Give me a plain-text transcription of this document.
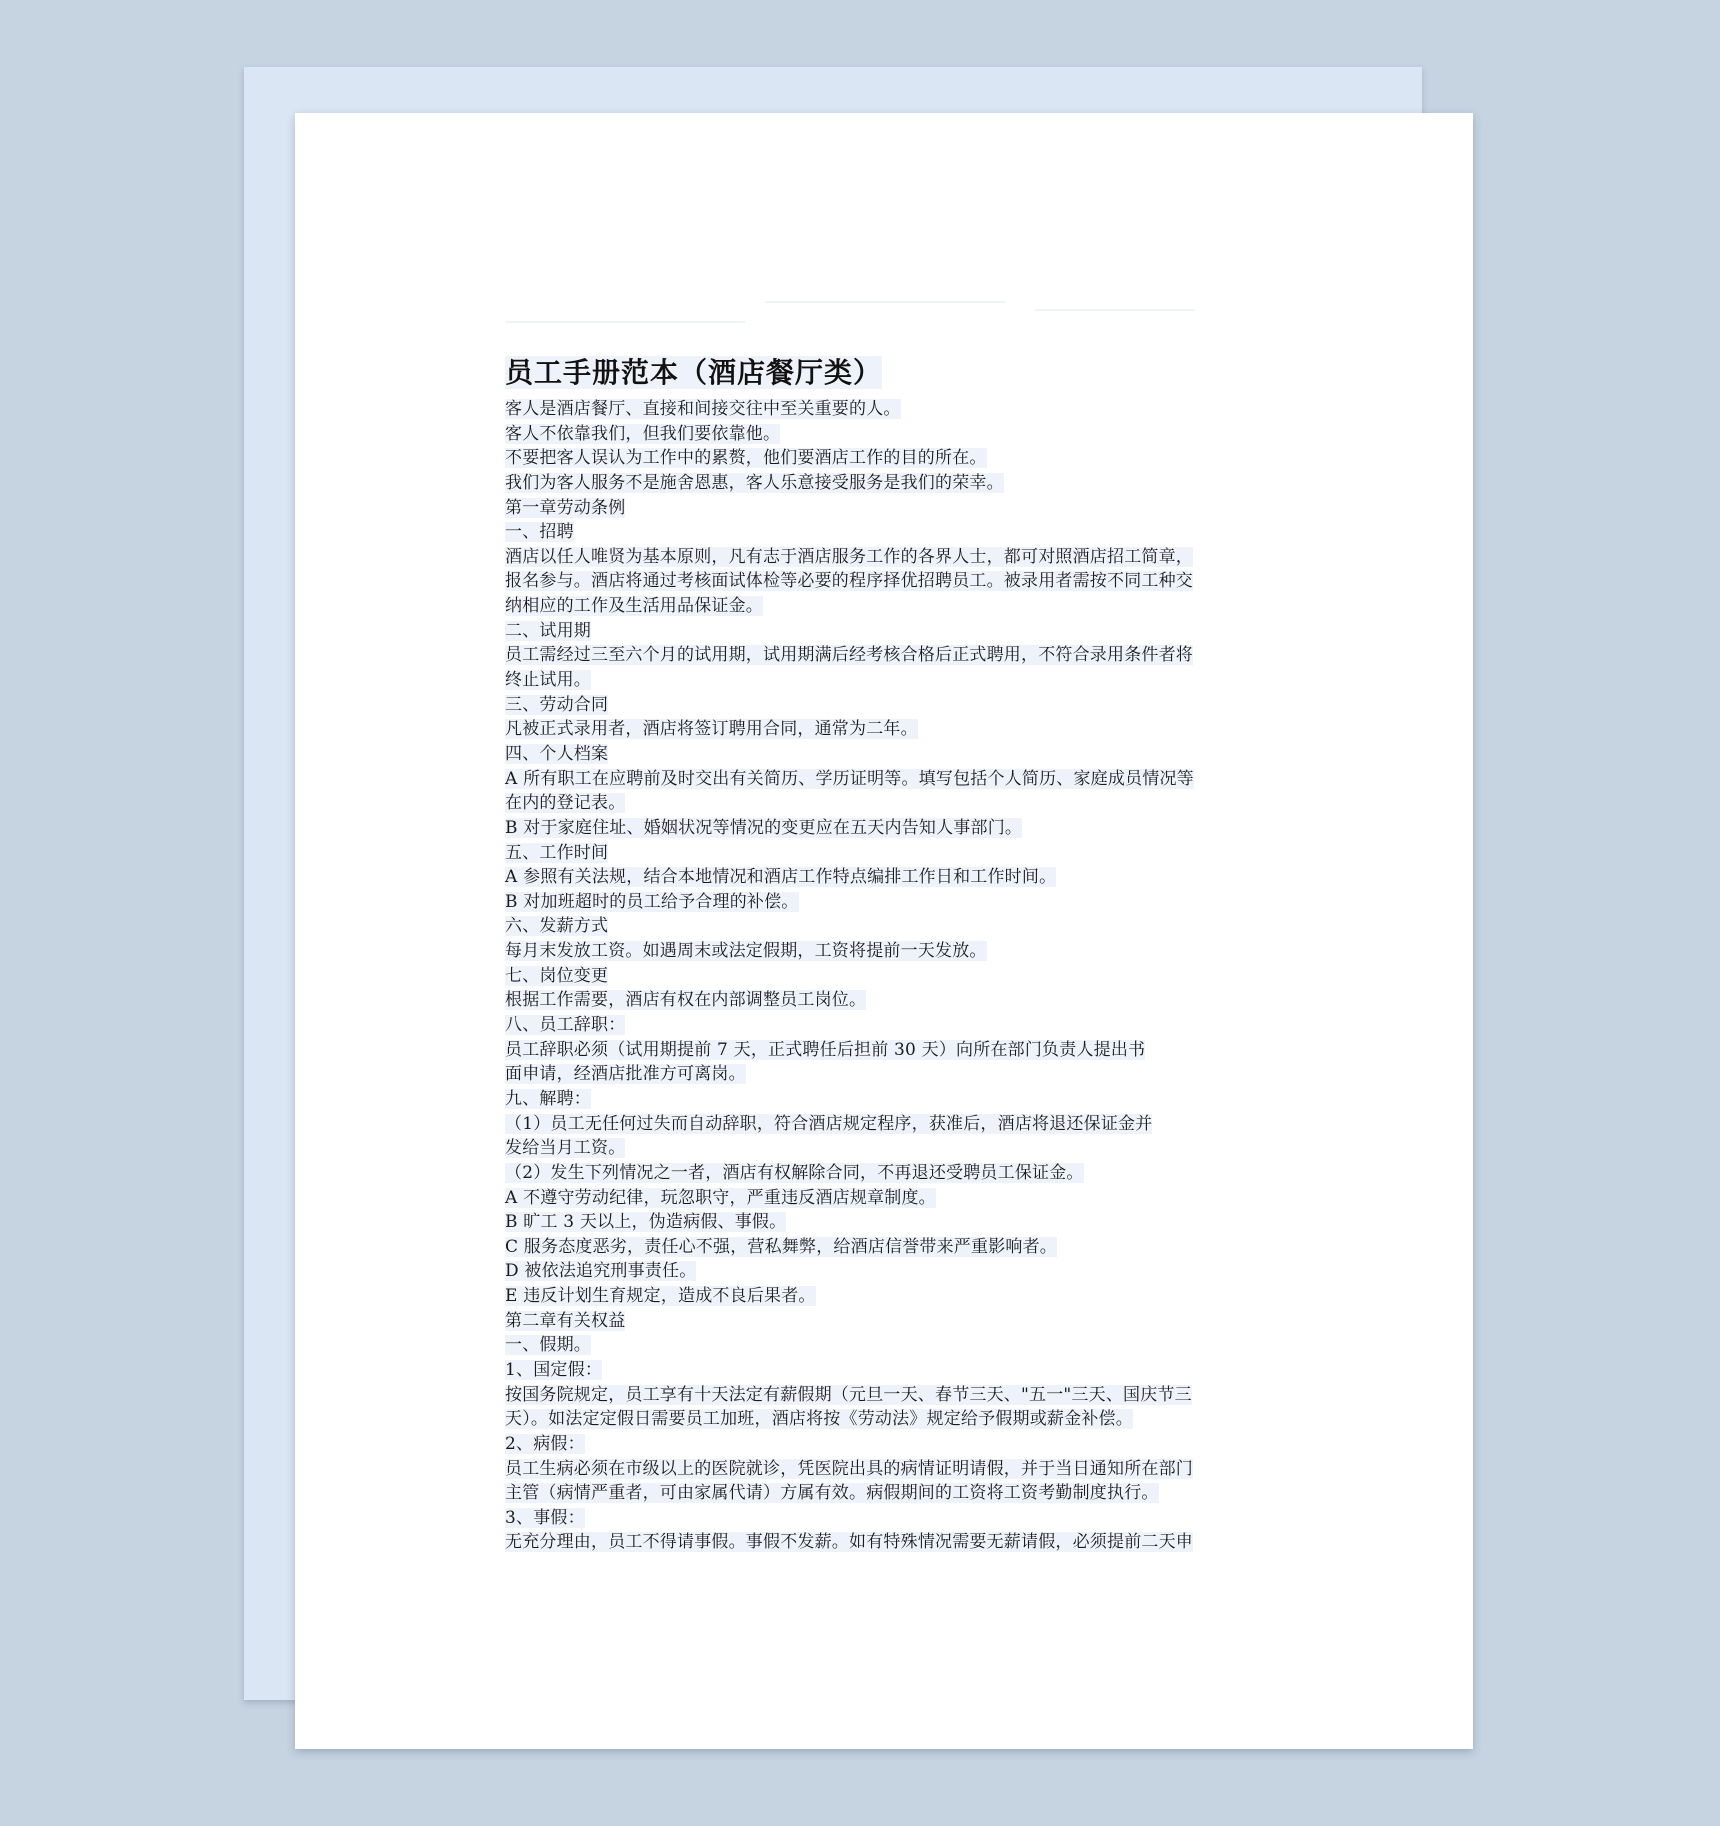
员工手册范本（酒店餐厅类）
客人是酒店餐厅、直接和间接交往中至关重要的人。
客人不依靠我们，但我们要依靠他。
不要把客人误认为工作中的累赘，他们要酒店工作的目的所在。
我们为客人服务不是施舍恩惠，客人乐意接受服务是我们的荣幸。
第一章劳动条例
一、招聘
酒店以任人唯贤为基本原则，凡有志于酒店服务工作的各界人士，都可对照酒店招工简章，
报名参与。酒店将通过考核面试体检等必要的程序择优招聘员工。被录用者需按不同工种交
纳相应的工作及生活用品保证金。
二、试用期
员工需经过三至六个月的试用期，试用期满后经考核合格后正式聘用，不符合录用条件者将
终止试用。
三、劳动合同
凡被正式录用者，酒店将签订聘用合同，通常为二年。
四、个人档案
A 所有职工在应聘前及时交出有关简历、学历证明等。填写包括个人简历、家庭成员情况等
在内的登记表。
B 对于家庭住址、婚姻状况等情况的变更应在五天内告知人事部门。
五、工作时间
A 参照有关法规，结合本地情况和酒店工作特点编排工作日和工作时间。
B 对加班超时的员工给予合理的补偿。
六、发薪方式
每月末发放工资。如遇周末或法定假期，工资将提前一天发放。
七、岗位变更
根据工作需要，酒店有权在内部调整员工岗位。
八、员工辞职：
员工辞职必须（试用期提前 7 天，正式聘任后担前 30 天）向所在部门负责人提出书
面申请，经酒店批准方可离岗。
九、解聘：
（1）员工无任何过失而自动辞职，符合酒店规定程序，获准后，酒店将退还保证金并
发给当月工资。
（2）发生下列情况之一者，酒店有权解除合同，不再退还受聘员工保证金。
A 不遵守劳动纪律，玩忽职守，严重违反酒店规章制度。
B 旷工 3 天以上，伪造病假、事假。
C 服务态度恶劣，责任心不强，营私舞弊，给酒店信誉带来严重影响者。
D 被依法追究刑事责任。
E 违反计划生育规定，造成不良后果者。
第二章有关权益
一、假期。
1、国定假：
按国务院规定，员工享有十天法定有薪假期（元旦一天、春节三天、"五一"三天、国庆节三
天）。如法定定假日需要员工加班，酒店将按《劳动法》规定给予假期或薪金补偿。
2、病假：
员工生病必须在市级以上的医院就诊，凭医院出具的病情证明请假，并于当日通知所在部门
主管（病情严重者，可由家属代请）方属有效。病假期间的工资将工资考勤制度执行。
3、事假：
无充分理由，员工不得请事假。事假不发薪。如有特殊情况需要无薪请假，必须提前二天申
